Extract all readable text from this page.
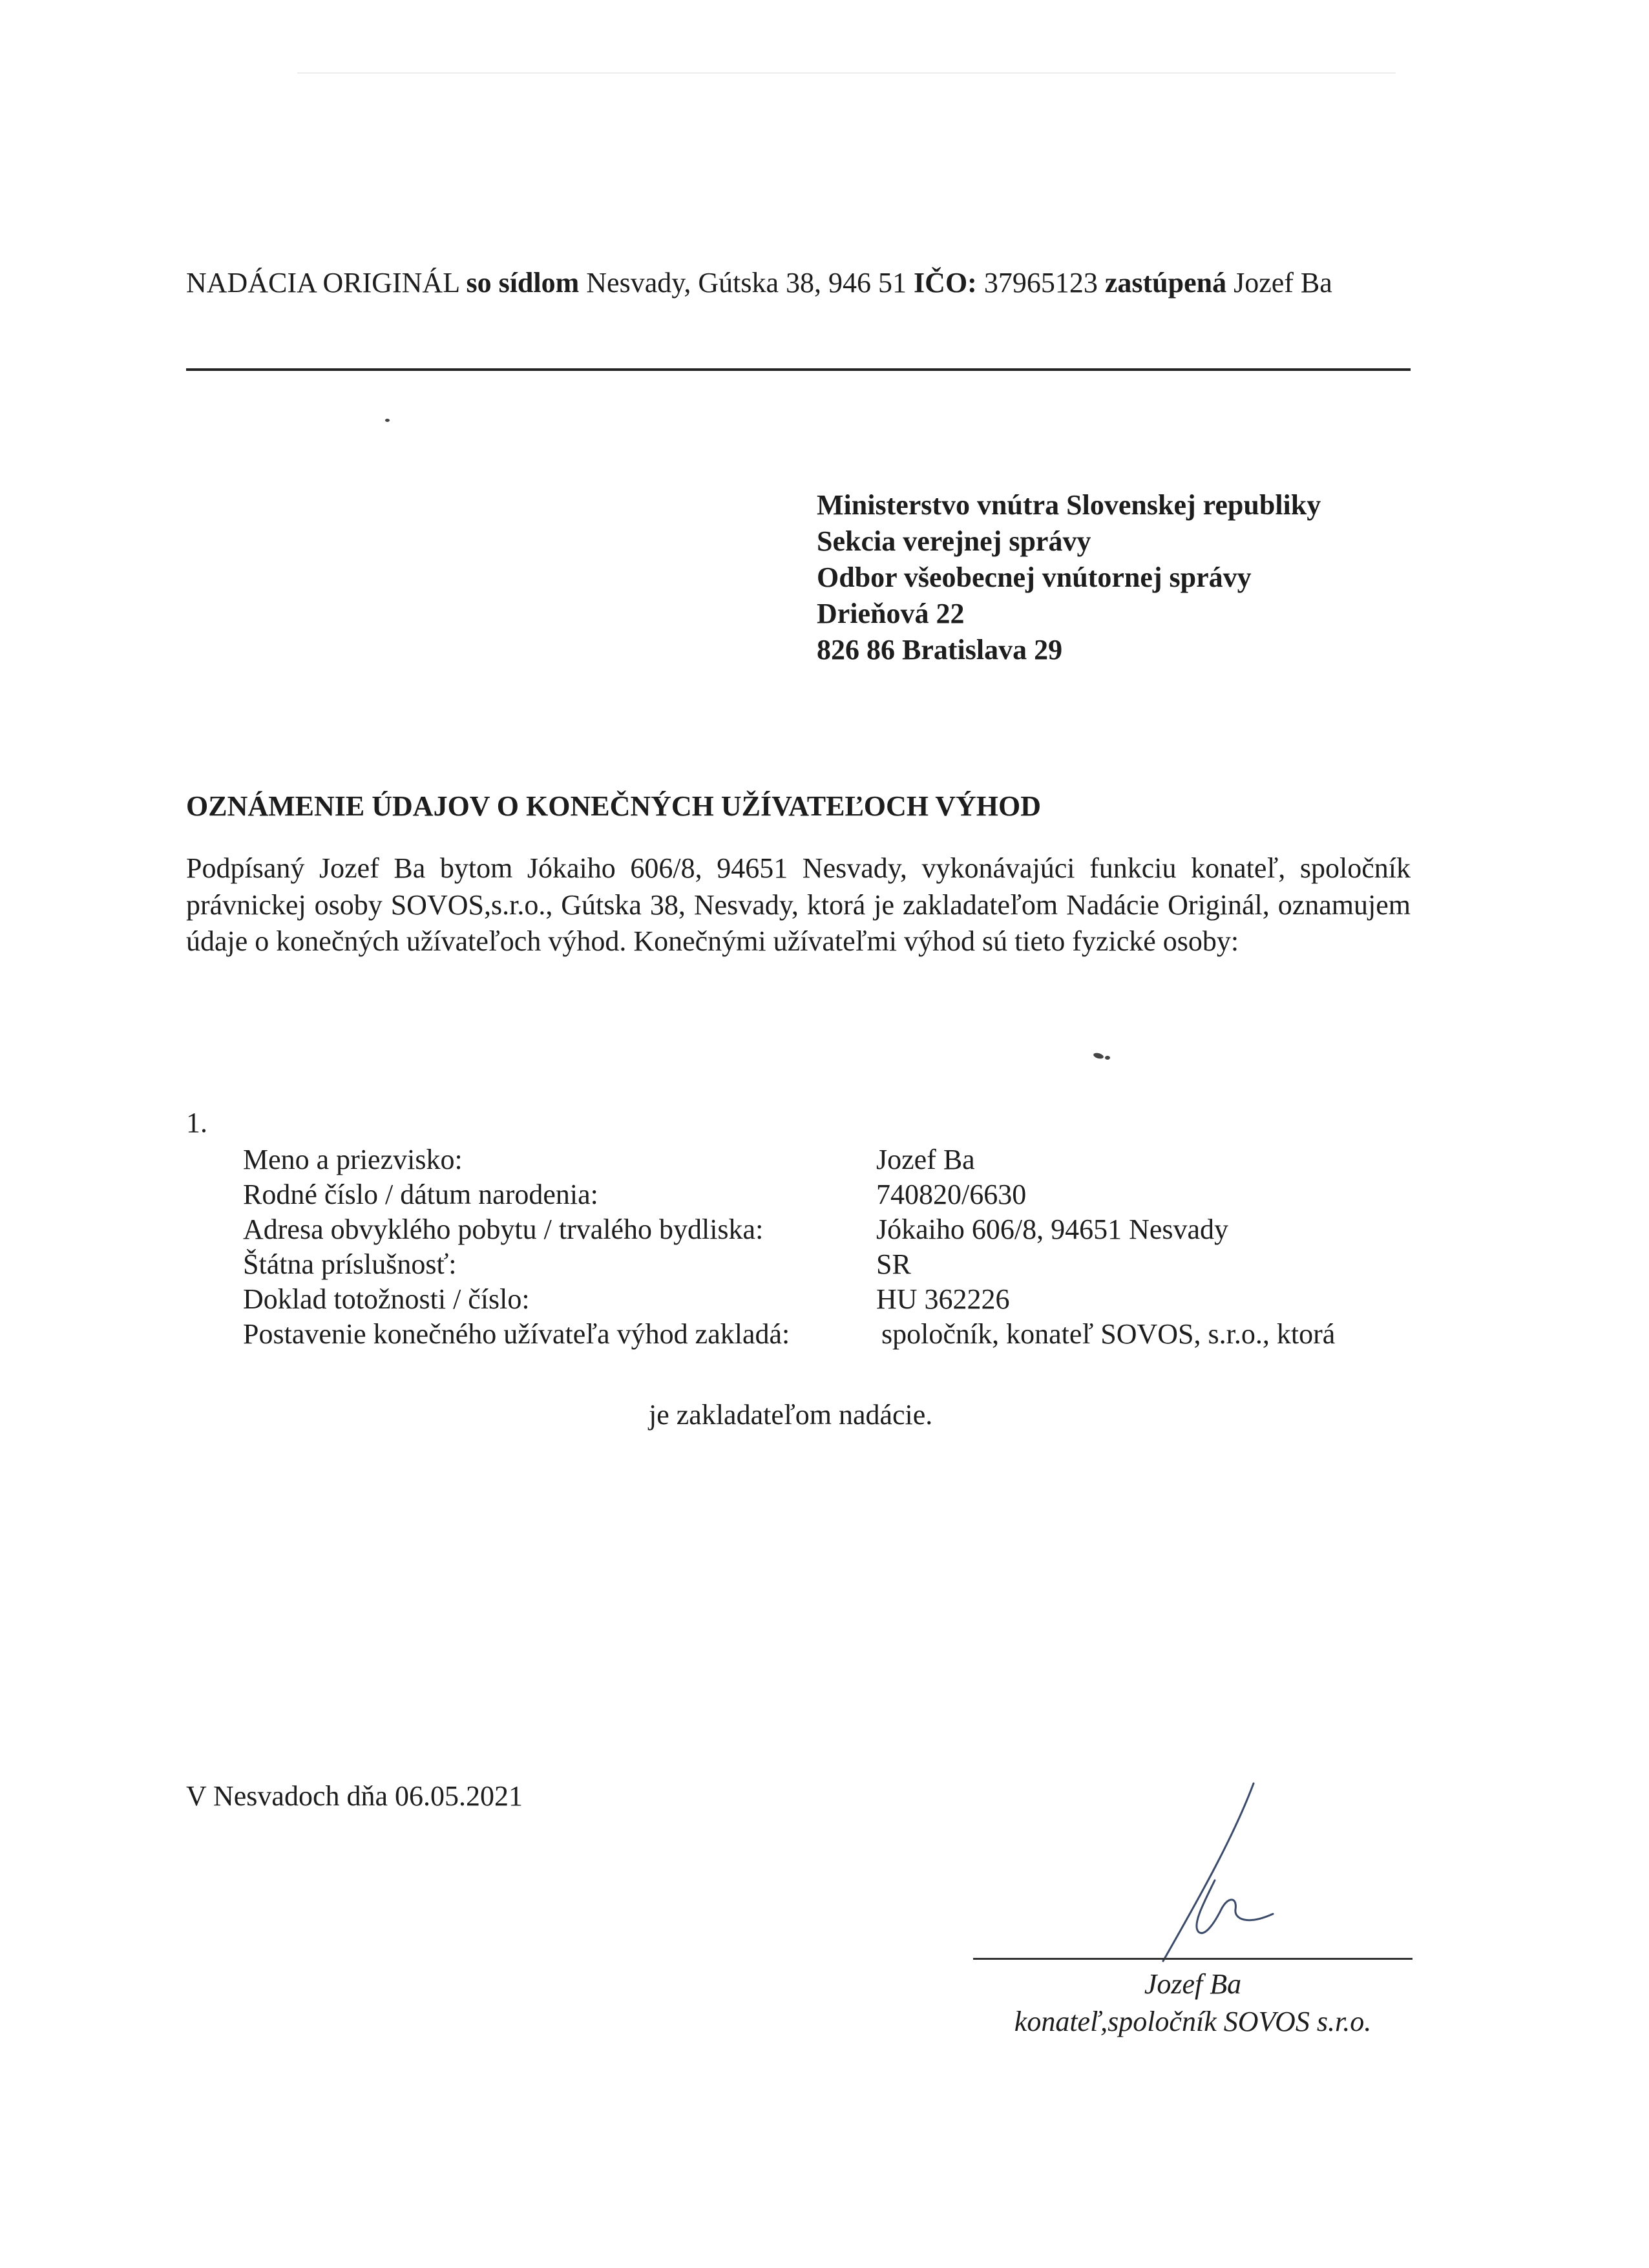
NADÁCIA ORIGINÁL so sídlom Nesvady, Gútska 38, 946 51 IČO: 37965123 zastúpená Jozef Ba
Ministerstvo vnútra Slovenskej republiky
Sekcia verejnej správy
Odbor všeobecnej vnútornej správy
Drieňová 22
826 86 Bratislava 29
OZNÁMENIE ÚDAJOV O KONEČNÝCH UŽÍVATEĽOCH VÝHOD
Podpísaný Jozef Ba bytom Jókaiho 606/8, 94651 Nesvady, vykonávajúci funkciu konateľ, spoločník právnickej osoby SOVOS,s.r.o., Gútska 38, Nesvady, ktorá je zakladateľom Nadácie Originál, oznamujem údaje o konečných užívateľoch výhod. Konečnými užívateľmi výhod sú tieto fyzické osoby:
1.
Meno a priezvisko:	Jozef Ba
Rodné číslo / dátum narodenia:	740820/6630
Adresa obvyklého pobytu / trvalého bydliska:	Jókaiho 606/8, 94651 Nesvady
Štátna príslušnosť:	SR
Doklad totožnosti / číslo:	HU 362226
Postavenie konečného užívateľa výhod zakladá:	spoločník, konateľ SOVOS, s.r.o., ktorá
je zakladateľom nadácie.
V Nesvadoch dňa 06.05.2021
Jozef Ba
konateľ,spoločník SOVOS s.r.o.
